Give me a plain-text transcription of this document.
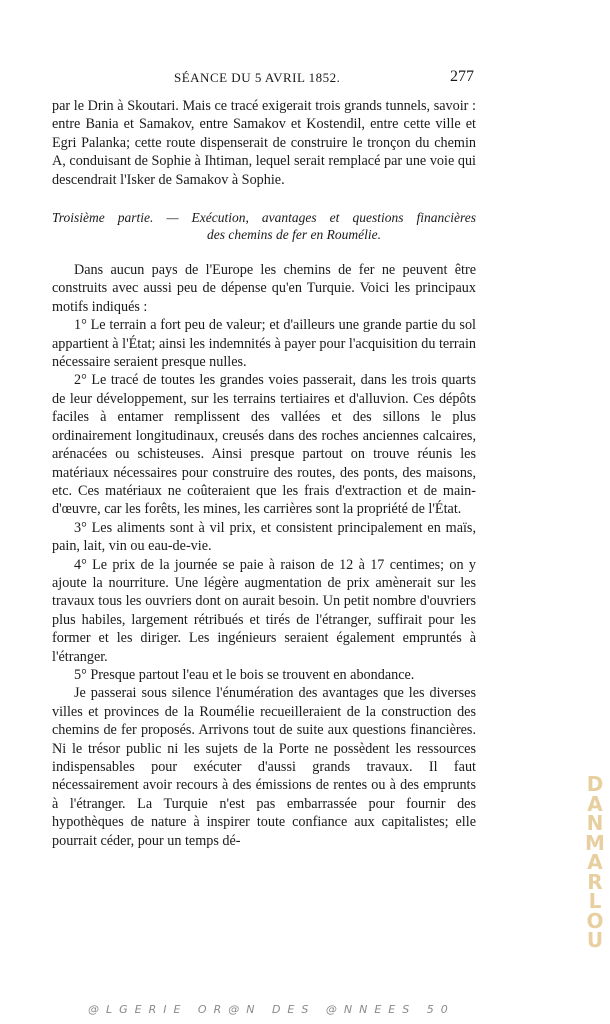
SÉANCE DU 5 AVRIL 1852.	277

par le Drin à Skoutari. Mais ce tracé exigerait trois grands tunnels, savoir : entre Bania et Samakov, entre Samakov et Kostendil, entre cette ville et Egri Palanka; cette route dispenserait de construire le tronçon du chemin A, conduisant de Sophie à Ihtiman, lequel serait remplacé par une voie qui descendrait l'Isker de Samakov à Sophie.

Troisième partie. — Exécution, avantages et questions financières
des chemins de fer en Roumélie.

Dans aucun pays de l'Europe les chemins de fer ne peuvent être construits avec aussi peu de dépense qu'en Turquie. Voici les principaux motifs indiqués :

1° Le terrain a fort peu de valeur; et d'ailleurs une grande partie du sol appartient à l'État; ainsi les indemnités à payer pour l'acquisition du terrain nécessaire seraient presque nulles.

2° Le tracé de toutes les grandes voies passerait, dans les trois quarts de leur développement, sur les terrains tertiaires et d'alluvion. Ces dépôts faciles à entamer remplissent des vallées et des sillons le plus ordinairement longitudinaux, creusés dans des roches anciennes calcaires, arénacées ou schisteuses. Ainsi presque partout on trouve réunis les matériaux nécessaires pour construire des routes, des ponts, des maisons, etc. Ces matériaux ne coûteraient que les frais d'extraction et de main-d'œuvre, car les forêts, les mines, les carrières sont la propriété de l'État.

3° Les aliments sont à vil prix, et consistent principalement en maïs, pain, lait, vin ou eau-de-vie.

4° Le prix de la journée se paie à raison de 12 à 17 centimes; on y ajoute la nourriture. Une légère augmentation de prix amènerait sur les travaux tous les ouvriers dont on aurait besoin. Un petit nombre d'ouvriers plus habiles, largement rétribués et tirés de l'étranger, suffirait pour les former et les diriger. Les ingénieurs seraient également empruntés à l'étranger.

5° Presque partout l'eau et le bois se trouvent en abondance.

Je passerai sous silence l'énumération des avantages que les diverses villes et provinces de la Roumélie recueilleraient de la construction des chemins de fer proposés. Arrivons tout de suite aux questions financières. Ni le trésor public ni les sujets de la Porte ne possèdent les ressources indispensables pour exécuter d'aussi grands travaux. Il faut nécessairement avoir recours à des émissions de rentes ou à des emprunts à l'étranger. La Turquie n'est pas embarrassée pour fournir des hypothèques de nature à inspirer toute confiance aux capitalistes; elle pourrait céder, pour un temps dé-

DANMARLOU
@LGERIE OR@N DES @NNEES 50
